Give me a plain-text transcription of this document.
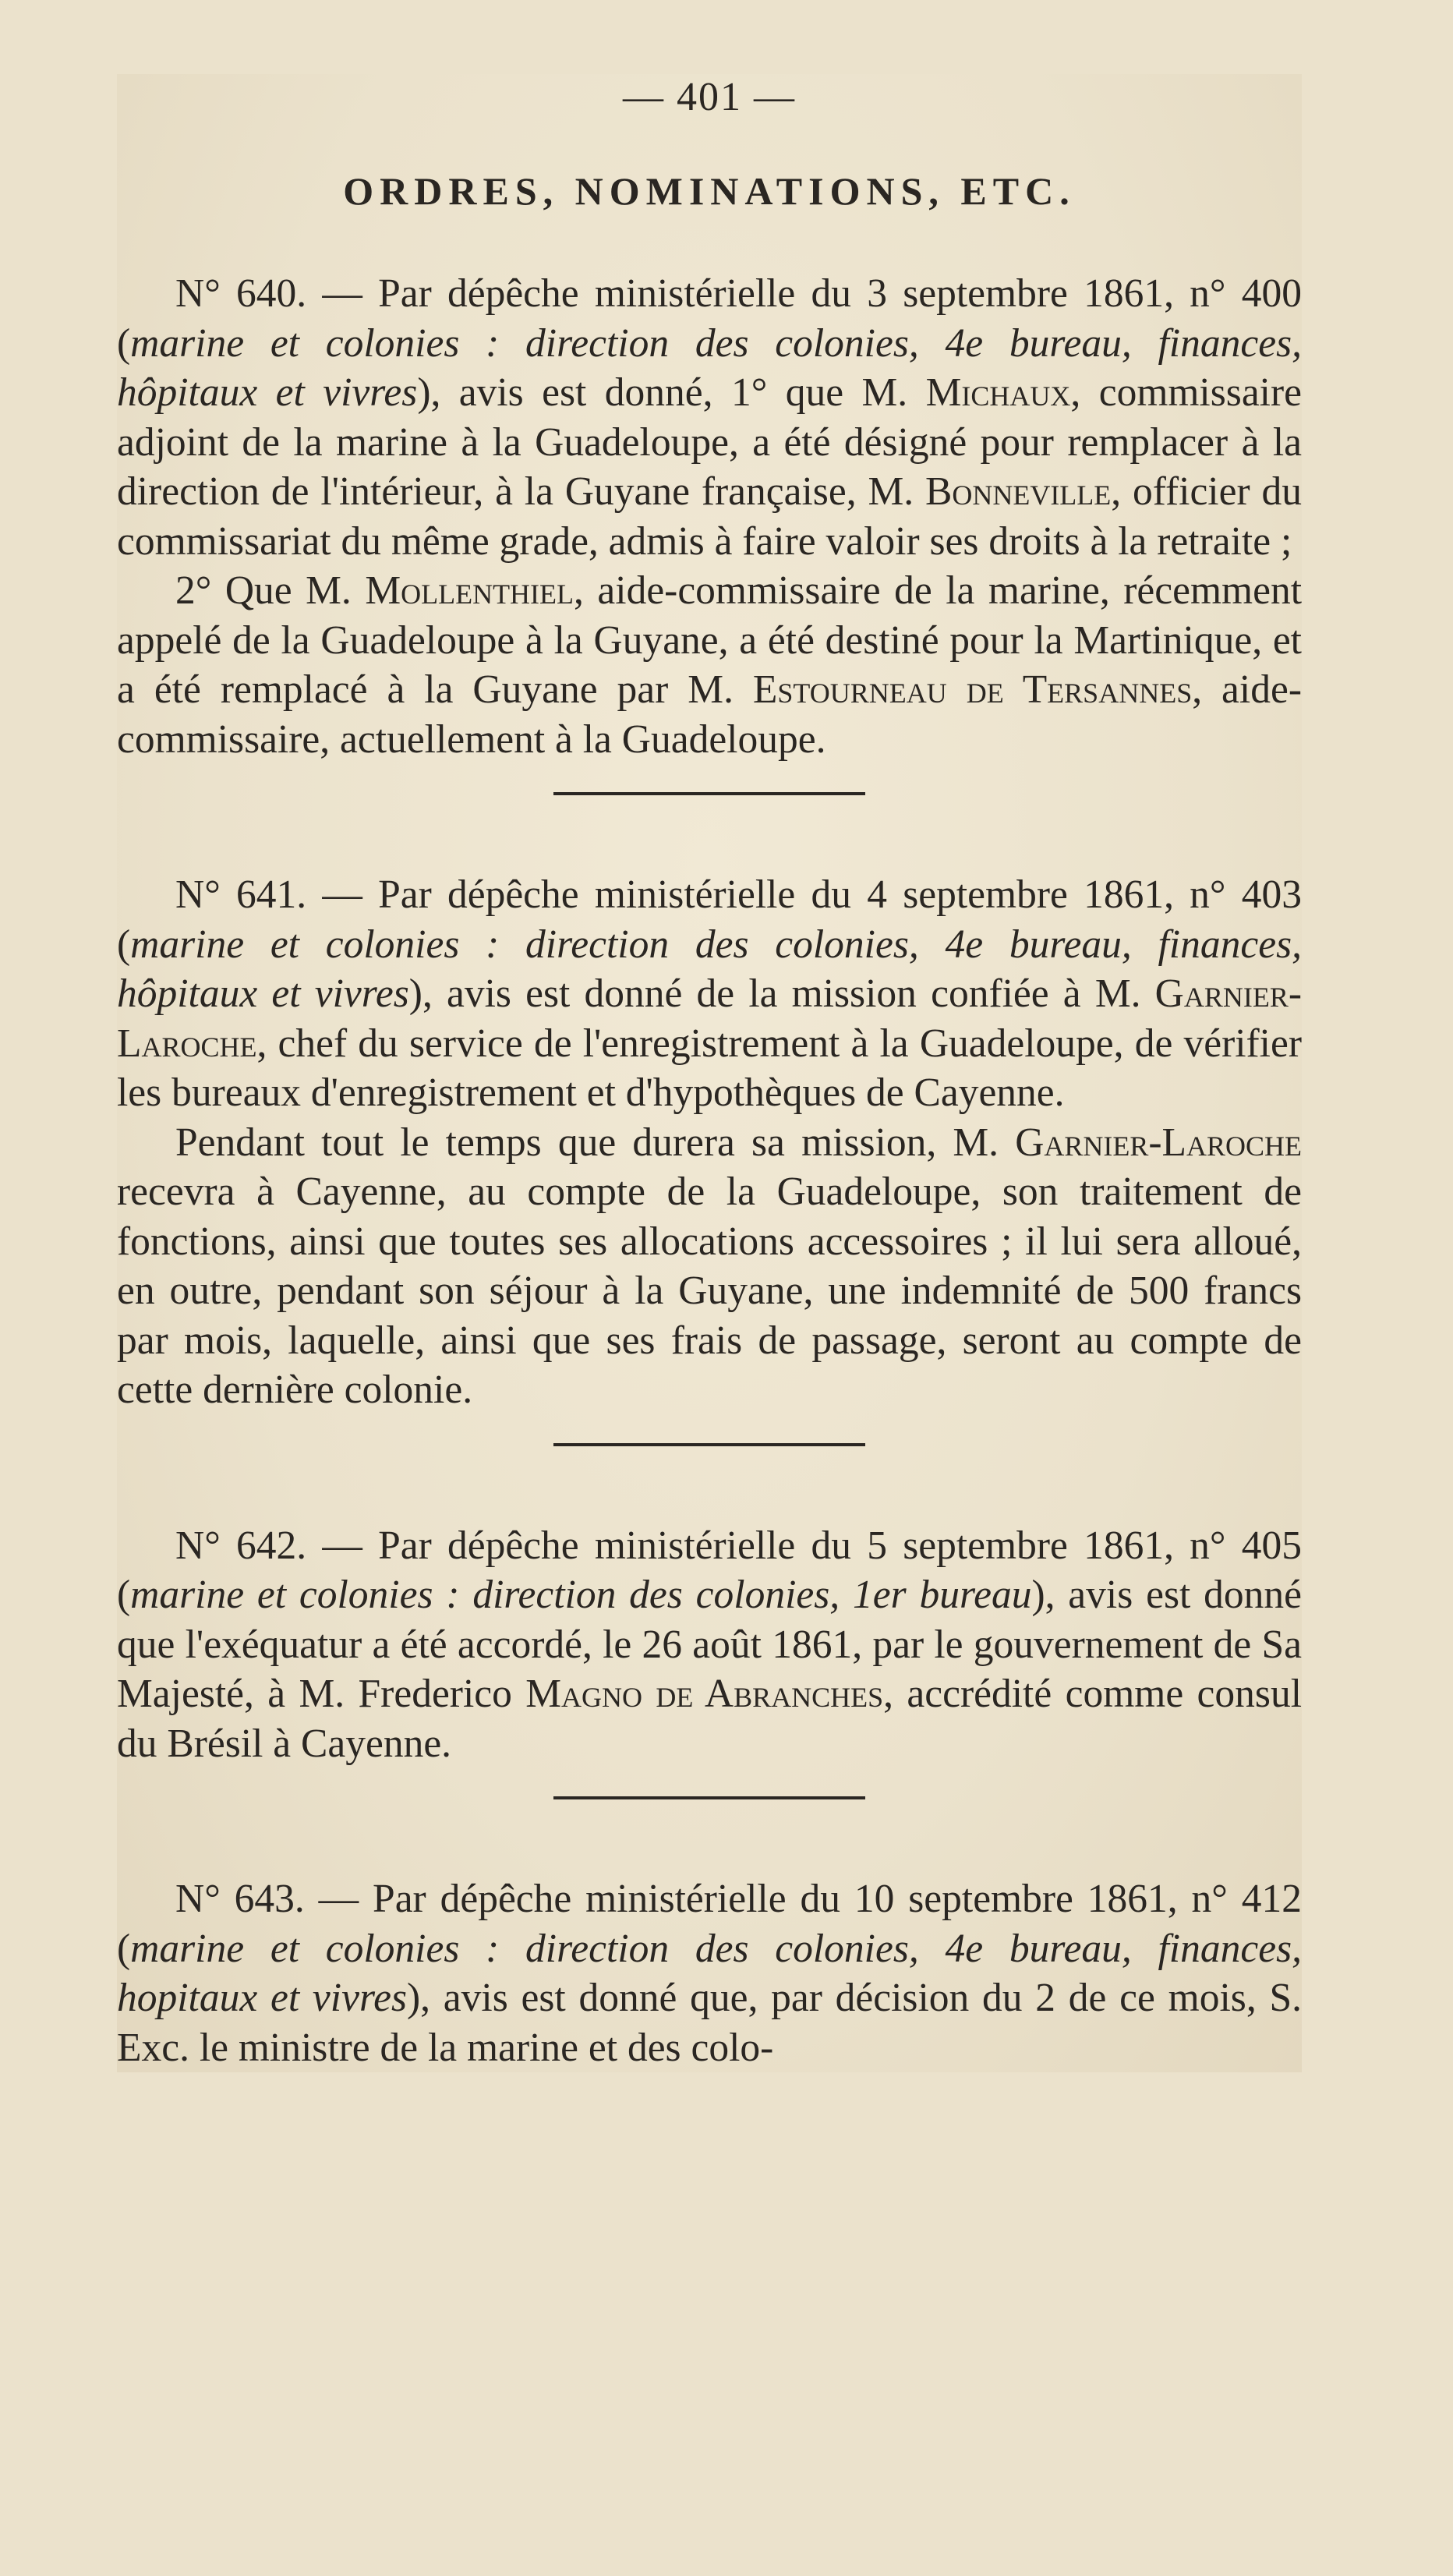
— 401 —
ORDRES, NOMINATIONS, ETC.

N° 640. — Par dépêche ministérielle du 3 septembre 1861, n° 400 (marine et colonies : direction des colonies, 4e bureau, finances, hôpitaux et vivres), avis est donné, 1° que M. Michaux, commissaire adjoint de la marine à la Guadeloupe, a été désigné pour remplacer à la direction de l'intérieur, à la Guyane française, M. Bonneville, officier du commissariat du même grade, admis à faire valoir ses droits à la retraite ;

2° Que M. Mollenthiel, aide-commissaire de la marine, récemment appelé de la Guadeloupe à la Guyane, a été destiné pour la Martinique, et a été remplacé à la Guyane par M. Estourneau de Tersannes, aide-commissaire, actuellement à la Guadeloupe.

N° 641. — Par dépêche ministérielle du 4 septembre 1861, n° 403 (marine et colonies : direction des colonies, 4e bureau, finances, hôpitaux et vivres), avis est donné de la mission confiée à M. Garnier-Laroche, chef du service de l'enregistrement à la Guadeloupe, de vérifier les bureaux d'enregistrement et d'hypothèques de Cayenne.

Pendant tout le temps que durera sa mission, M. Garnier-Laroche recevra à Cayenne, au compte de la Guadeloupe, son traitement de fonctions, ainsi que toutes ses allocations accessoires ; il lui sera alloué, en outre, pendant son séjour à la Guyane, une indemnité de 500 francs par mois, laquelle, ainsi que ses frais de passage, seront au compte de cette dernière colonie.

N° 642. — Par dépêche ministérielle du 5 septembre 1861, n° 405 (marine et colonies : direction des colonies, 1er bureau), avis est donné que l'exéquatur a été accordé, le 26 août 1861, par le gouvernement de Sa Majesté, à M. Frederico Magno de Abranches, accrédité comme consul du Brésil à Cayenne.

N° 643. — Par dépêche ministérielle du 10 septembre 1861, n° 412 (marine et colonies : direction des colonies, 4e bureau, finances, hopitaux et vivres), avis est donné que, par décision du 2 de ce mois, S. Exc. le ministre de la marine et des colo-
